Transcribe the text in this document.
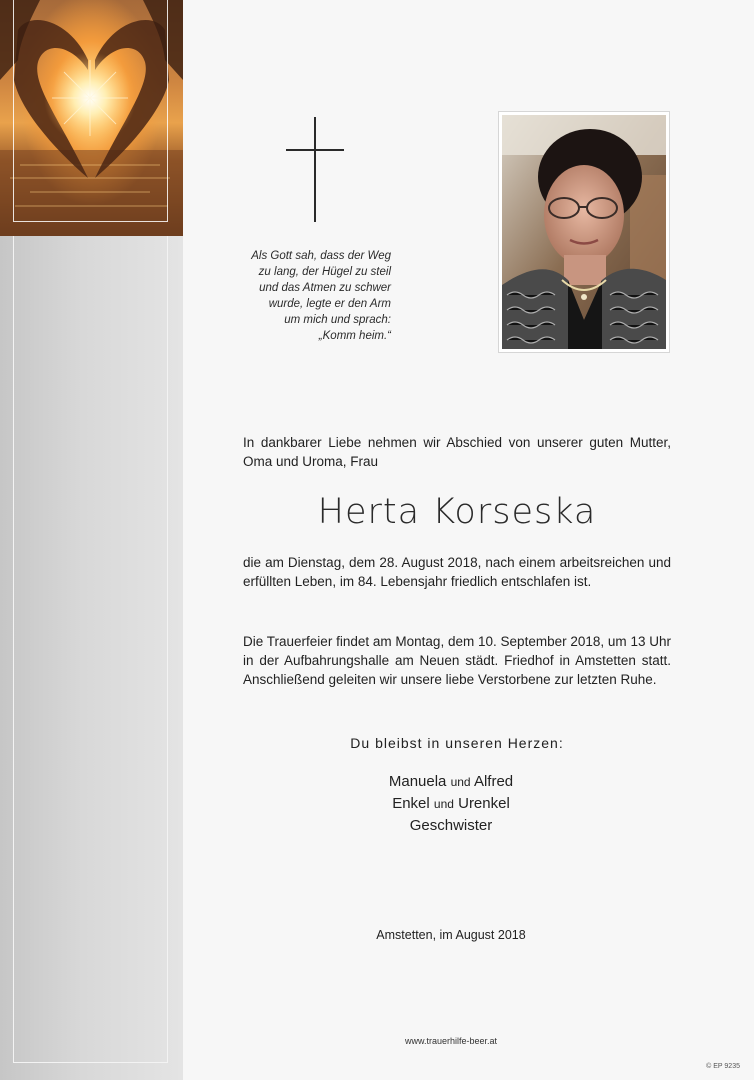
Als Gott sah, dass der Weg
zu lang, der Hügel zu steil
und das Atmen zu schwer
wurde, legte er den Arm
um mich und sprach:
„Komm heim.“
In dankbarer Liebe nehmen wir Abschied von unserer guten Mutter, Oma und Uroma, Frau
Herta Korseska
die am Dienstag, dem 28. August 2018, nach einem arbeitsreichen und erfüllten Leben, im 84. Lebensjahr friedlich entschlafen ist.
Die Trauerfeier findet am Montag, dem 10. September 2018, um 13 Uhr in der Aufbahrungshalle am Neuen städt. Friedhof in Amstetten statt. Anschließend geleiten wir unsere liebe Verstorbene zur letzten Ruhe.
Du bleibst in unseren Herzen:
Manuela und Alfred
Enkel und Urenkel
Geschwister
Amstetten, im August 2018
www.trauerhilfe-beer.at
© EP 9235
